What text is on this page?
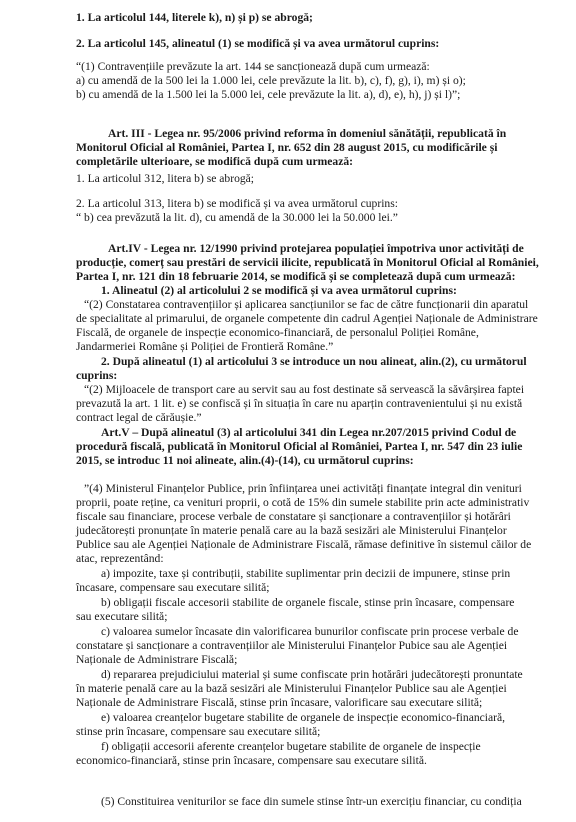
1. La articolul 144, literele k), n) și p) se abrogă;

2. La articolul 145, alineatul (1) se modifică și va avea următorul cuprins:

“(1) Contravențiile prevăzute la art. 144 se sancționează după cum urmează:

a) cu amendă de la 500 lei la 1.000 lei, cele prevăzute la lit. b), c), f), g), i), m) și o);

b) cu amendă de la 1.500 lei la 5.000 lei, cele prevăzute la lit. a), d), e), h), j) și l)”;

Art. III - Legea nr. 95/2006 privind reforma în domeniul sănătății, republicată în

Monitorul Oficial al României, Partea I, nr. 652 din 28 august 2015, cu modificările și

completările ulterioare, se modifică după cum urmează:

1. La articolul 312, litera b) se abrogă;

2. La articolul 313, litera b) se modifică și va avea următorul cuprins:

“ b) cea prevăzută la lit. d), cu amendă de la 30.000 lei la 50.000 lei.”

Art.IV - Legea nr. 12/1990 privind protejarea populației împotriva unor activități de

producție, comerț sau prestări de servicii ilicite, republicată în Monitorul Oficial al României,

Partea I, nr. 121 din 18 februarie 2014, se modifică și se completează după cum urmează:

1. Alineatul (2) al articolului 2 se modifică și va avea următorul cuprins:

“(2) Constatarea contravențiilor și aplicarea sancțiunilor se fac de către funcționarii din aparatul

de specialitate al primarului, de organele competente din cadrul Agenției Naționale de Administrare

Fiscală, de organele de inspecție economico-financiară, de personalul Poliției Române,

Jandarmeriei Române și Poliției de Frontieră Române.”

2. După alineatul (1) al articolului 3 se introduce un nou alineat, alin.(2), cu următorul

cuprins:

“(2) Mijloacele de transport care au servit sau au fost destinate să servească la săvârșirea faptei

prevazută la art. 1 lit. e) se confiscă și în situația în care nu aparțin contravenientului și nu există

contract legal de cărăușie.”

Art.V – După alineatul (3) al articolului 341 din Legea nr.207/2015 privind Codul de

procedură fiscală, publicată în Monitorul Oficial al României, Partea I, nr. 547 din 23 iulie

2015, se introduc 11 noi alineate, alin.(4)-(14), cu următorul cuprins:

”(4) Ministerul Finanțelor Publice, prin înființarea unei activități finanțate integral din venituri

proprii, poate reține, ca venituri proprii, o cotă de 15% din sumele stabilite prin acte administrativ

fiscale sau financiare, procese verbale de constatare și sancționare a contravențiilor și hotărâri

judecătorești pronunțate în materie penală care au la bază sesizări ale Ministerului Finanțelor

Publice sau ale Agenției Naționale de Administrare Fiscală, rămase definitive în sistemul căilor de

atac, reprezentând:

a) impozite, taxe și contribuții, stabilite suplimentar prin decizii de impunere, stinse prin

încasare, compensare sau executare silită;

b) obligații fiscale accesorii stabilite de organele fiscale, stinse prin încasare, compensare

sau executare silită;

c) valoarea sumelor încasate din valorificarea bunurilor confiscate prin procese verbale de

constatare și sancționare a contravențiilor ale Ministerului Finanțelor Pubice sau ale Agenției

Naționale de Administrare Fiscală;

d) repararea prejudiciului material și sume confiscate prin hotărâri judecătorești pronuntate

în materie penală care au la bază sesizări ale Ministerului Finanțelor Publice sau ale Agenției

Naționale de Administrare Fiscală, stinse prin încasare, valorificare sau executare silită;

e) valoarea creanțelor bugetare stabilite de organele de inspecție economico-financiară,

stinse prin încasare, compensare sau executare silită;

f) obligații accesorii aferente creanțelor bugetare stabilite de organele de inspecție

economico-financiară, stinse prin încasare, compensare sau executare silită.

(5) Constituirea veniturilor se face din sumele stinse într-un exercițiu financiar, cu condiția
